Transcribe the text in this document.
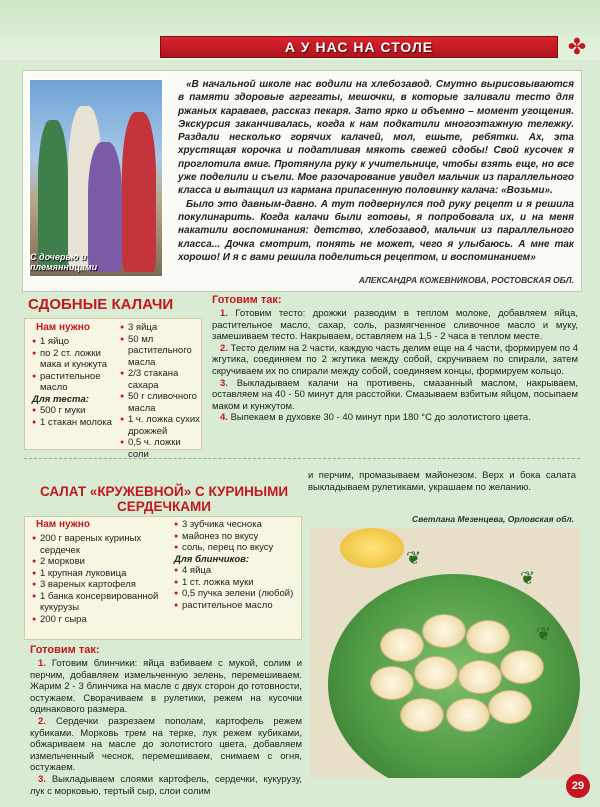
А У НАС НА СТОЛЕ	✤
С дочерью и племянницами

«В начальной школе нас водили на хлебозавод. Смутно вырисовываются в памяти здоровые агрегаты, мешочки, в которые заливали тесто для ржаных караваев, рассказ пекаря. Зато ярко и объемно – момент угощения. Экскурсия заканчивалась, когда к нам подкатили многоэтажную тележку. Раздали несколько горячих калачей, мол, ешьте, ребятки. Ах, эта хрустящая корочка и податливая мякоть свежей сдобы! Свой кусочек я проглотила вмиг. Протянула руку к учительнице, чтобы взять еще, но все уже поделили и съели. Мое разочарование увидел мальчик из параллельного класса и вытащил из кармана припасенную половинку калача: «Возьми».

Было это давным-давно. А тут подвернулся под руку рецепт и я решила покулинарить. Когда калачи были готовы, я попробовала их, и на меня накатили воспоминания: детство, хлебозавод, мальчик из параллельного класса... Дочка смотрит, понять не может, чего я улыбаюсь. А мне так хорошо! И я с вами решила поделиться рецептом, и воспоминанием»

АЛЕКСАНДРА КОЖЕВНИКОВА, РОСТОВСКАЯ ОБЛ.
СДОБНЫЕ КАЛАЧИ
Нам нужно
● 1 яйцо
● по 2 ст. ложки мака и кунжута
● растительное масло
Для теста:
● 500 г муки
● 1 стакан молока
● 3 яйца
● 50 мл растительного масла
● 2/3 стакана сахара
● 50 г сливочного масла
● 1 ч. ложка сухих дрожжей
● 0,5 ч. ложки соли
Готовим так:

1. Готовим тесто: дрожжи разводим в теплом молоке, добавляем яйца, растительное масло, сахар, соль, размягченное сливочное масло и муку, замешиваем тесто. Накрываем, оставляем на 1,5 - 2 часа в теплом месте.

2. Тесто делим на 2 части, каждую часть делим еще на 4 части, формируем по 4 жгутика, соединяем по 2 жгутика между собой, скручиваем по спирали, затем скручиваем их по спирали между собой, соединяем концы, формируем кольцо.

3. Выкладываем калачи на противень, смазанный маслом, накрываем, оставляем на 40 - 50 минут для расстойки. Смазываем взбитым яйцом, посыпаем маком и кунжутом.

4. Выпекаем в духовке 30 - 40 минут при 180 °С до золотистого цвета.

САЛАТ «КРУЖЕВНОЙ» С КУРИНЫМИ СЕРДЕЧКАМИ
и перчим, промазываем майонезом. Верх и бока салата выкладываем рулетиками, украшаем по желанию.
Светлана Мезенцева, Орловская обл.
Нам нужно
● 200 г вареных куриных сердечек
● 2 моркови
● 1 крупная луковица
● 3 вареных картофеля
● 1 банка консервированной кукурузы
● 200 г сыра
● 3 зубчика чеснока
● майонез по вкусу
● соль, перец по вкусу
Для блинчиков:
● 4 яйца
● 1 ст. ложка муки
● 0,5 пучка зелени (любой)
● растительное масло
Готовим так:

1. Готовим блинчики: яйца взбиваем с мукой, солим и перчим, добавляем измельченную зелень, перемешиваем. Жарим 2 - 3 блинчика на масле с двух сторон до готовности, остужаем. Сворачиваем в рулетики, режем на кусочки одинакового размера.

2. Сердечки разрезаем пополам, картофель режем кубиками. Морковь трем на терке, лук режем кубиками, обжариваем на масле до золотистого цвета, добавляем измельченный чеснок, перемешиваем, снимаем с огня, остужаем.

3. Выкладываем слоями картофель, сердечки, кукурузу, лук с морковью, тертый сыр, слои солим

❦
❦
❦
29
